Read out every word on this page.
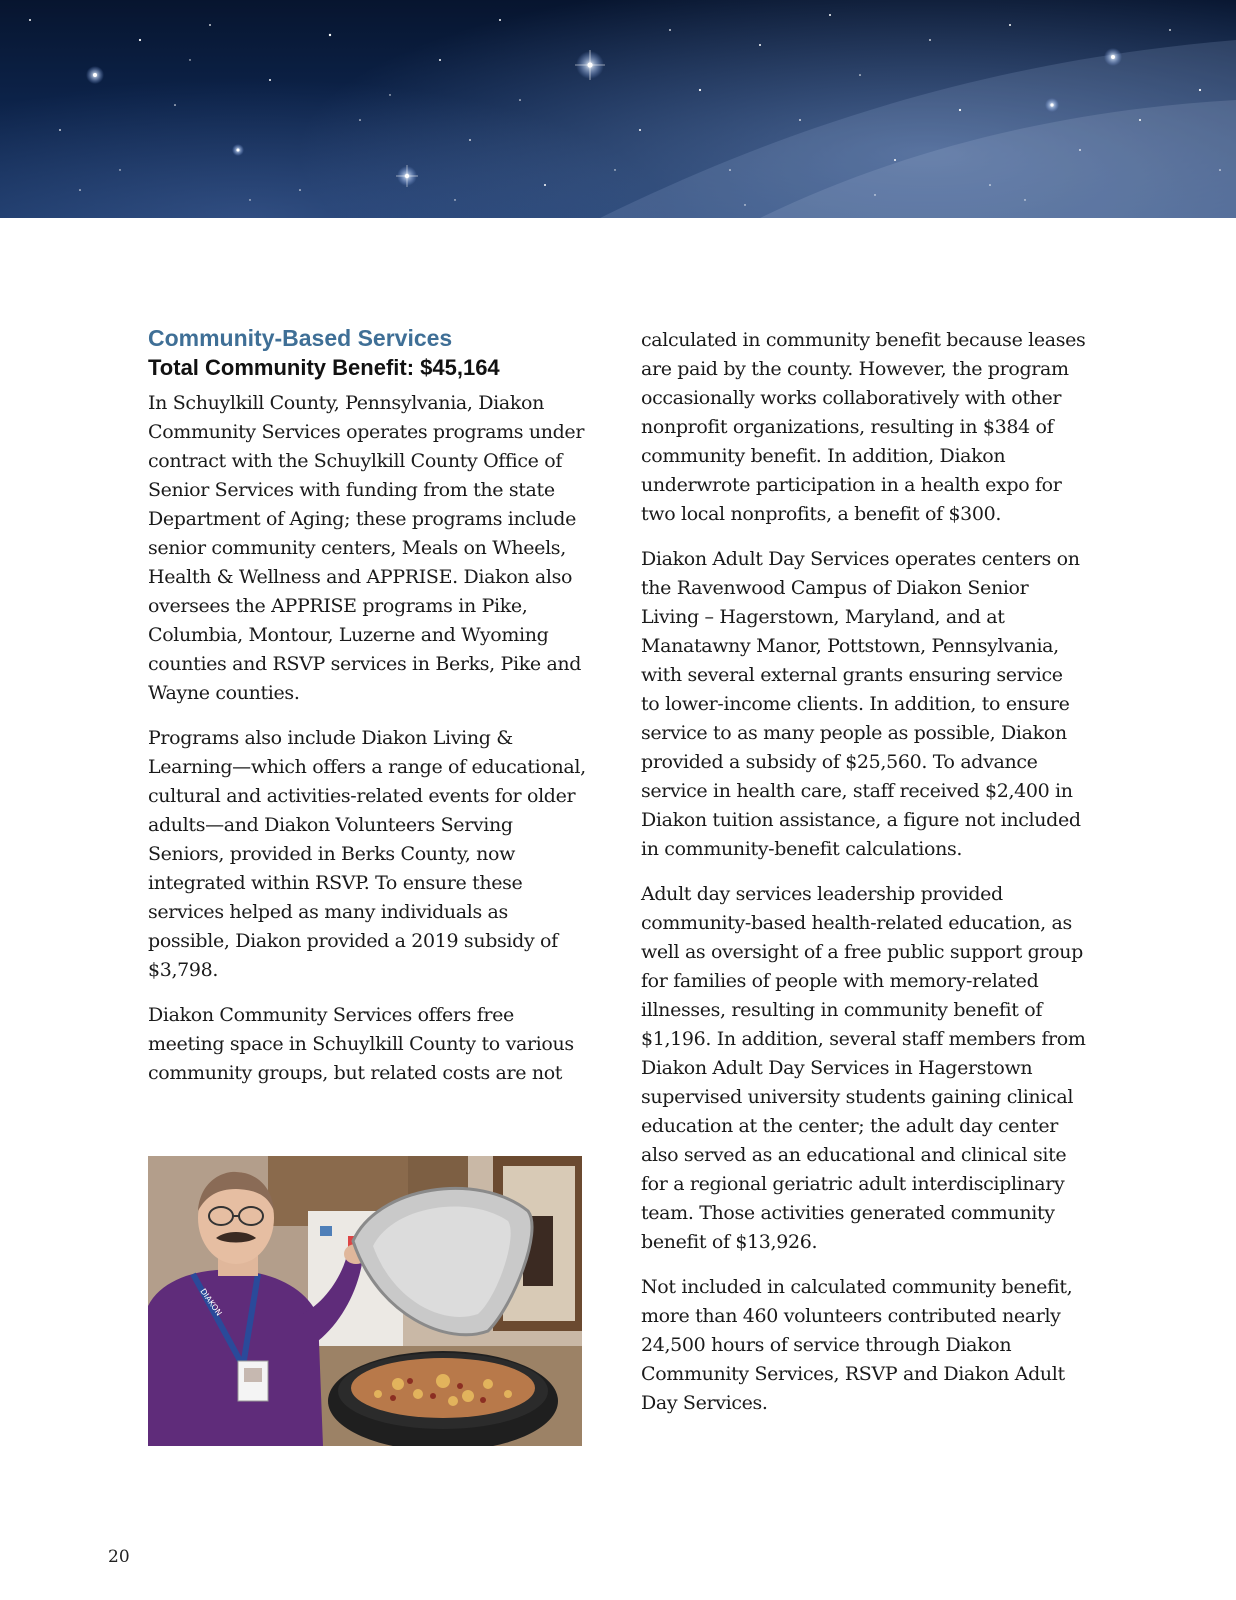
Community-Based Services
Total Community Benefit: $45,164

In Schuylkill County, Pennsylvania, Diakon Community Services operates programs under contract with the Schuylkill County Office of Senior Services with funding from the state Department of Aging; these programs include senior community centers, Meals on Wheels, Health & Wellness and APPRISE. Diakon also oversees the APPRISE programs in Pike, Columbia, Montour, Luzerne and Wyoming counties and RSVP services in Berks, Pike and Wayne counties.

Programs also include Diakon Living & Learning—which offers a range of educational, cultural and activities-related events for older adults—and Diakon Volunteers Serving Seniors, provided in Berks County, now integrated within RSVP. To ensure these services helped as many individuals as possible, Diakon provided a 2019 subsidy of $3,798.

Diakon Community Services offers free meeting space in Schuylkill County to various community groups, but related costs are not

calculated in community benefit because leases are paid by the county. However, the program occasionally works collaboratively with other nonprofit organizations, resulting in $384 of community benefit. In addition, Diakon underwrote participation in a health expo for two local nonprofits, a benefit of $300.

Diakon Adult Day Services operates centers on the Ravenwood Campus of Diakon Senior Living – Hagerstown, Maryland, and at Manatawny Manor, Pottstown, Pennsylvania, with several external grants ensuring service to lower-income clients. In addition, to ensure service to as many people as possible, Diakon provided a subsidy of $25,560. To advance service in health care, staff received $2,400 in Diakon tuition assistance, a figure not included in community-benefit calculations.

Adult day services leadership provided community-based health-related education, as well as oversight of a free public support group for families of people with memory-related illnesses, resulting in community benefit of $1,196. In addition, several staff members from Diakon Adult Day Services in Hagerstown supervised university students gaining clinical education at the center; the adult day center also served as an educational and clinical site for a regional geriatric adult interdisciplinary team. Those activities generated community benefit of $13,926.

Not included in calculated community benefit, more than 460 volunteers contributed nearly 24,500 hours of service through Diakon Community Services, RSVP and Diakon Adult Day Services.

DIAKON
20
